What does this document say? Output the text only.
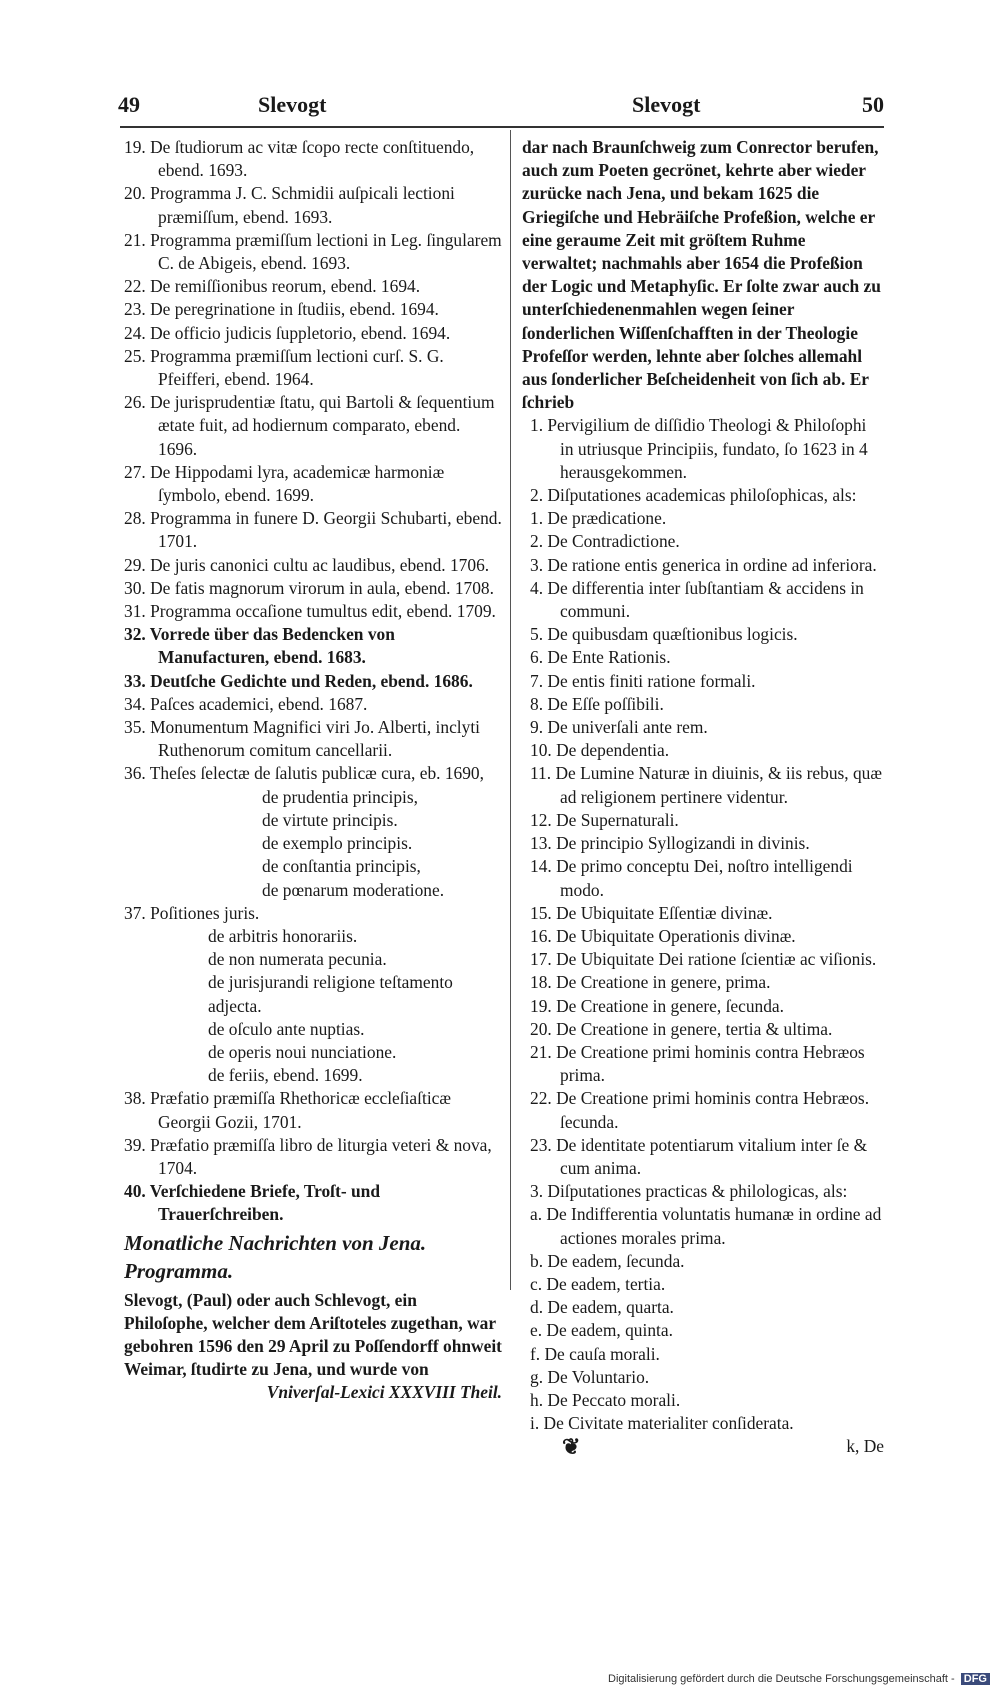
49	Slevogt	Slevogt	50
19. De ſtudiorum ac vitæ ſcopo recte conſtituendo, ebend. 1693.
20. Programma J. C. Schmidii auſpicali lectioni præmiſſum, ebend. 1693.
21. Programma præmiſſum lectioni in Leg. ſingularem C. de Abigeis, ebend. 1693.
22. De remiſſionibus reorum, ebend. 1694.
23. De peregrinatione in ſtudiis, ebend. 1694.
24. De officio judicis ſuppletorio, ebend. 1694.
25. Programma præmiſſum lectioni curſ. S. G. Pfeifferi, ebend. 1964.
26. De jurisprudentiæ ſtatu, qui Bartoli & ſequentium ætate fuit, ad hodiernum comparato, ebend. 1696.
27. De Hippodami lyra, academicæ harmoniæ ſymbolo, ebend. 1699.
28. Programma in funere D. Georgii Schubarti, ebend. 1701.
29. De juris canonici cultu ac laudibus, ebend. 1706.
30. De fatis magnorum virorum in aula, ebend. 1708.
31. Programma occaſione tumultus edit, ebend. 1709.
32. Vorrede über das Bedencken von Manufacturen, ebend. 1683.
33. Deutſche Gedichte und Reden, ebend. 1686.
34. Paſces academici, ebend. 1687.
35. Monumentum Magnifici viri Jo. Alberti, inclyti Ruthenorum comitum cancellarii.
36. Theſes ſelectæ de ſalutis publicæ cura, eb. 1690,
de prudentia principis,
de virtute principis.
de exemplo principis.
de conſtantia principis,
de pœnarum moderatione.
37. Poſitiones juris.
de arbitris honorariis.
de non numerata pecunia.
de jurisjurandi religione teſtamento adjecta.
de oſculo ante nuptias.
de operis noui nunciatione.
de feriis, ebend. 1699.
38. Præfatio præmiſſa Rhethoricæ eccleſiaſticæ Georgii Gozii, 1701.
39. Præfatio præmiſſa libro de liturgia veteri & nova, 1704.
40. Verſchiedene Briefe, Troſt- und Trauerſchreiben.
Monatliche Nachrichten von Jena. Programma.
Slevogt, (Paul) oder auch Schlevogt, ein Philoſophe, welcher dem Ariſtoteles zugethan, war gebohren 1596 den 29 April zu Poſſendorff ohnweit Weimar, ſtudirte zu Jena, und wurde von
Vniverſal-Lexici XXXVIII Theil.
dar nach Braunſchweig zum Conrector berufen, auch zum Poeten gecrönet, kehrte aber wieder zurücke nach Jena, und bekam 1625 die Griegiſche und Hebräiſche Profeßion, welche er eine geraume Zeit mit gröſtem Ruhme verwaltet; nachmahls aber 1654 die Profeßion der Logic und Metaphyſic. Er ſolte zwar auch zu unterſchiedenenmahlen wegen ſeiner ſonderlichen Wiſſenſchafften in der Theologie Profeſſor werden, lehnte aber ſolches allemahl aus ſonderlicher Beſcheidenheit von ſich ab. Er ſchrieb
1. Pervigilium de diſſidio Theologi & Philoſophi in utriusque Principiis, fundato, ſo 1623 in 4 herausgekommen.
2. Diſputationes academicas philoſophicas, als:
1. De prædicatione.
2. De Contradictione.
3. De ratione entis generica in ordine ad inferiora.
4. De differentia inter ſubſtantiam & accidens in communi.
5. De quibusdam quæſtionibus logicis.
6. De Ente Rationis.
7. De entis finiti ratione formali.
8. De Eſſe poſſibili.
9. De univerſali ante rem.
10. De dependentia.
11. De Lumine Naturæ in diuinis, & iis rebus, quæ ad religionem pertinere videntur.
12. De Supernaturali.
13. De principio Syllogizandi in divinis.
14. De primo conceptu Dei, noſtro intelligendi modo.
15. De Ubiquitate Eſſentiæ divinæ.
16. De Ubiquitate Operationis divinæ.
17. De Ubiquitate Dei ratione ſcientiæ ac viſionis.
18. De Creatione in genere, prima.
19. De Creatione in genere, ſecunda.
20. De Creatione in genere, tertia & ultima.
21. De Creatione primi hominis contra Hebræos prima.
22. De Creatione primi hominis contra Hebræos. ſecunda.
23. De identitate potentiarum vitalium inter ſe & cum anima.
3. Diſputationes practicas & philologicas, als:
a. De Indifferentia voluntatis humanæ in ordine ad actiones morales prima.
b. De eadem, ſecunda.
c. De eadem, tertia.
d. De eadem, quarta.
e. De eadem, quinta.
f. De cauſa morali.
g. De Voluntario.
h. De Peccato morali.
i. De Civitate materialiter conſiderata.
❦	k, De
Digitalisierung gefördert durch die Deutsche Forschungsgemeinschaft - DFG
